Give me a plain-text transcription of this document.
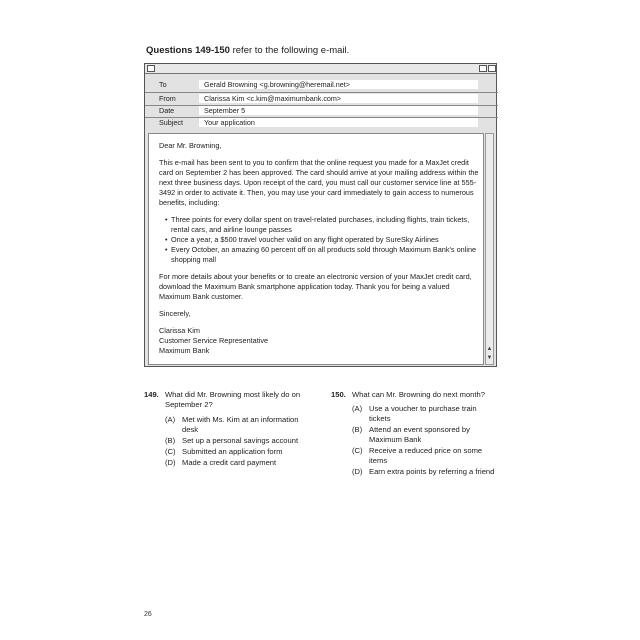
Questions 149-150 refer to the following e-mail.
To	Gerald Browning <g.browning@heremail.net>
From	Clarissa Kim <c.kim@maximumbank.com>
Date	September 5
Subject	Your application

Dear Mr. Browning,

This e-mail has been sent to you to confirm that the online request you made for a MaxJet credit card on September 2 has been approved. The card should arrive at your mailing address within the next three business days. Upon receipt of the card, you must call our customer service line at 555-3492 in order to activate it. Then, you may use your card immediately to gain access to numerous benefits, including:

• Three points for every dollar spent on travel-related purchases, including flights, train tickets, rental cars, and airline lounge passes
• Once a year, a $500 travel voucher valid on any flight operated by SureSky Airlines
• Every October, an amazing 60 percent off on all products sold through Maximum Bank's online shopping mall

For more details about your benefits or to create an electronic version of your MaxJet credit card, download the Maximum Bank smartphone application today. Thank you for being a valued Maximum Bank customer.

Sincerely,

Clarissa Kim
Customer Service Representative
Maximum Bank	▲
▼
149. What did Mr. Browning most likely do on September 2?
(A) Met with Ms. Kim at an information desk
(B) Set up a personal savings account
(C) Submitted an application form
(D) Made a credit card payment
150. What can Mr. Browning do next month?
(A) Use a voucher to purchase train tickets
(B) Attend an event sponsored by Maximum Bank
(C) Receive a reduced price on some items
(D) Earn extra points by referring a friend
26
